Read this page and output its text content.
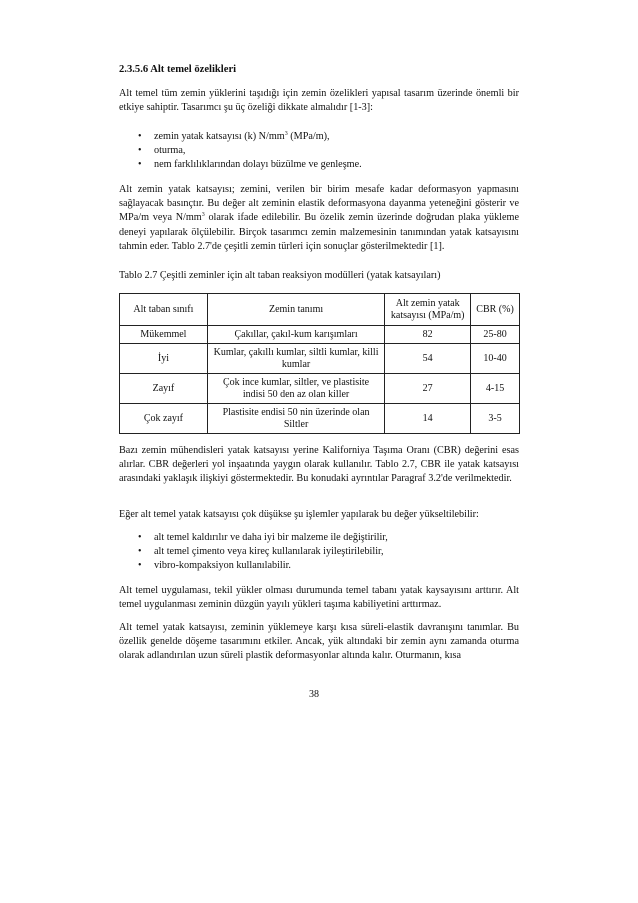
2.3.5.6 Alt temel özelikleri

Alt temel tüm zemin yüklerini taşıdığı için zemin özelikleri yapısal tasarım üzerinde önemli bir etkiye sahiptir. Tasarımcı şu üç özeliği dikkate almalıdır [1-3]:

• zemin yatak katsayısı (k) $N/mm^3$ (MPa/m),
• oturma,
• nem farklılıklarından dolayı büzülme ve genleşme.

Alt zemin yatak katsayısı; zemini, verilen bir birim mesafe kadar deformasyon yapmasını sağlayacak basınçtır. Bu değer alt zeminin elastik deformasyona dayanma yeteneğini gösterir ve MPa/m veya $N/mm^3$ olarak ifade edilebilir. Bu özelik zemin üzerinde doğrudan plaka yükleme deneyi yapılarak ölçülebilir. Birçok tasarımcı zemin malzemesinin tanımından yatak katsayısını tahmin eder. Tablo 2.7'de çeşitli zemin türleri için sonuçlar gösterilmektedir [1].

Tablo 2.7 Çeşitli zeminler için alt taban reaksiyon modülleri (yatak katsayıları)
Alt taban sınıfı	Zemin tanımı	Alt zemin yatak katsayısı (MPa/m)	CBR (%)
Mükemmel	Çakıllar, çakıl-kum karışımları	82	25-80
İyi	Kumlar, çakıllı kumlar, siltli kumlar, killi kumlar	54	10-40
Zayıf	Çok ince kumlar, siltler, ve plastisite indisi 50 den az olan killer	27	4-15
Çok zayıf	Plastisite endisi 50 nin üzerinde olan Siltler	14	3-5

Bazı zemin mühendisleri yatak katsayısı yerine Kaliforniya Taşıma Oranı (CBR) değerini esas alırlar. CBR değerleri yol inşaatında yaygın olarak kullanılır. Tablo 2.7, CBR ile yatak katsayısı arasındaki yaklaşık ilişkiyi göstermektedir. Bu konudaki ayrıntılar Paragraf 3.2'de verilmektedir.

Eğer alt temel yatak katsayısı çok düşükse şu işlemler yapılarak bu değer yükseltilebilir:

• alt temel kaldırılır ve daha iyi bir malzeme ile değiştirilir,
• alt temel çimento veya kireç kullanılarak iyileştirilebilir,
• vibro-kompaksiyon kullanılabilir.

Alt temel uygulaması, tekil yükler olması durumunda temel tabanı yatak kaysayısını arttırır. Alt temel uygulanması zeminin düzgün yayılı yükleri taşıma kabiliyetini arttırmaz.

Alt temel yatak katsayısı, zeminin yüklemeye karşı kısa süreli-elastik davranışını tanımlar. Bu özellik genelde döşeme tasarımını etkiler. Ancak, yük altındaki bir zemin aynı zamanda oturma olarak adlandırılan uzun süreli plastik deformasyonlar altında kalır. Oturmanın, kısa

38
